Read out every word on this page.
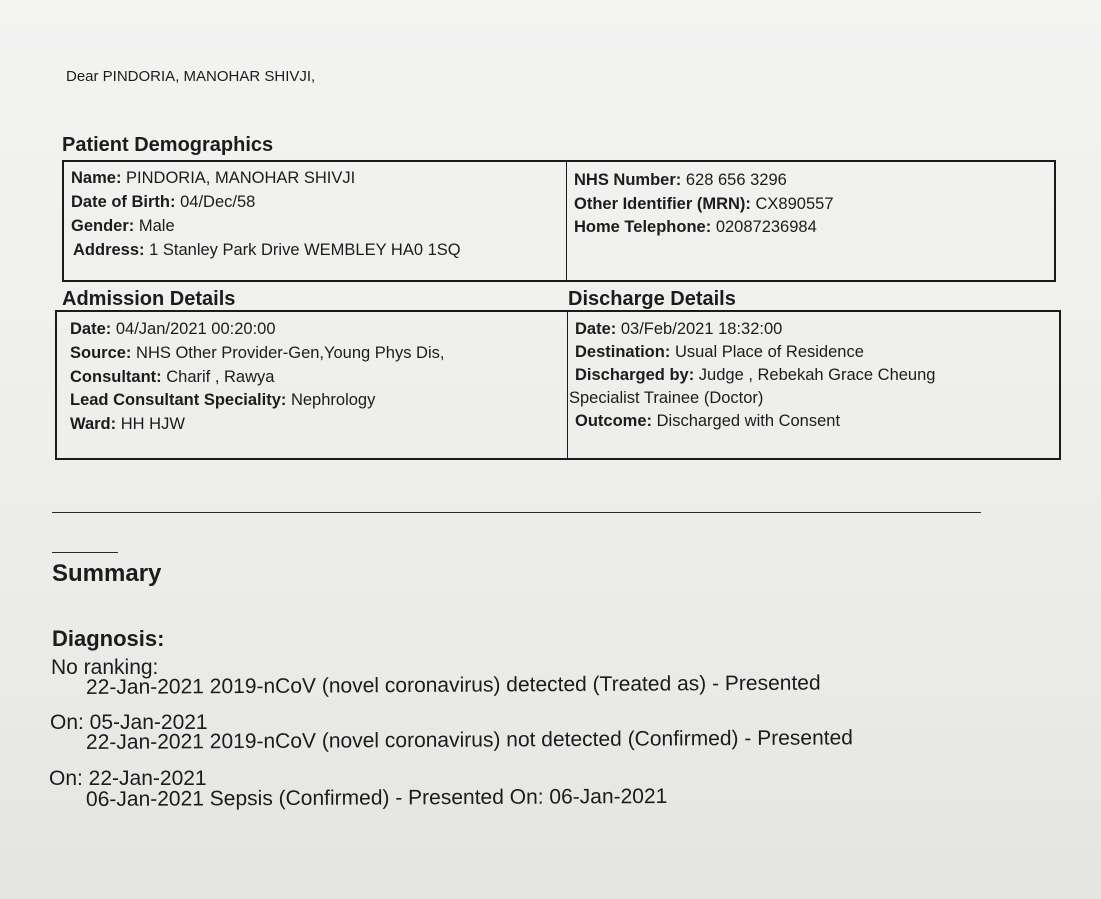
Dear PINDORIA, MANOHAR SHIVJI,
Patient Demographics
Name: PINDORIA, MANOHAR SHIVJI
Date of Birth: 04/Dec/58
Gender: Male
Address: 1 Stanley Park Drive WEMBLEY HA0 1SQ
NHS Number: 628 656 3296
Other Identifier (MRN): CX890557
Home Telephone: 02087236984
Admission Details	Discharge Details
Date: 04/Jan/2021 00:20:00
Source: NHS Other Provider-Gen,Young Phys Dis,
Consultant: Charif , Rawya
Lead Consultant Speciality: Nephrology
Ward: HH HJW
Date: 03/Feb/2021 18:32:00
Destination: Usual Place of Residence
Discharged by: Judge , Rebekah Grace Cheung
Specialist Trainee (Doctor)
Outcome: Discharged with Consent
Summary
Diagnosis:
No ranking:
22-Jan-2021 2019-nCoV (novel coronavirus) detected (Treated as) - Presented
On: 05-Jan-2021
22-Jan-2021 2019-nCoV (novel coronavirus) not detected (Confirmed) - Presented
On: 22-Jan-2021
06-Jan-2021 Sepsis (Confirmed) - Presented On: 06-Jan-2021
